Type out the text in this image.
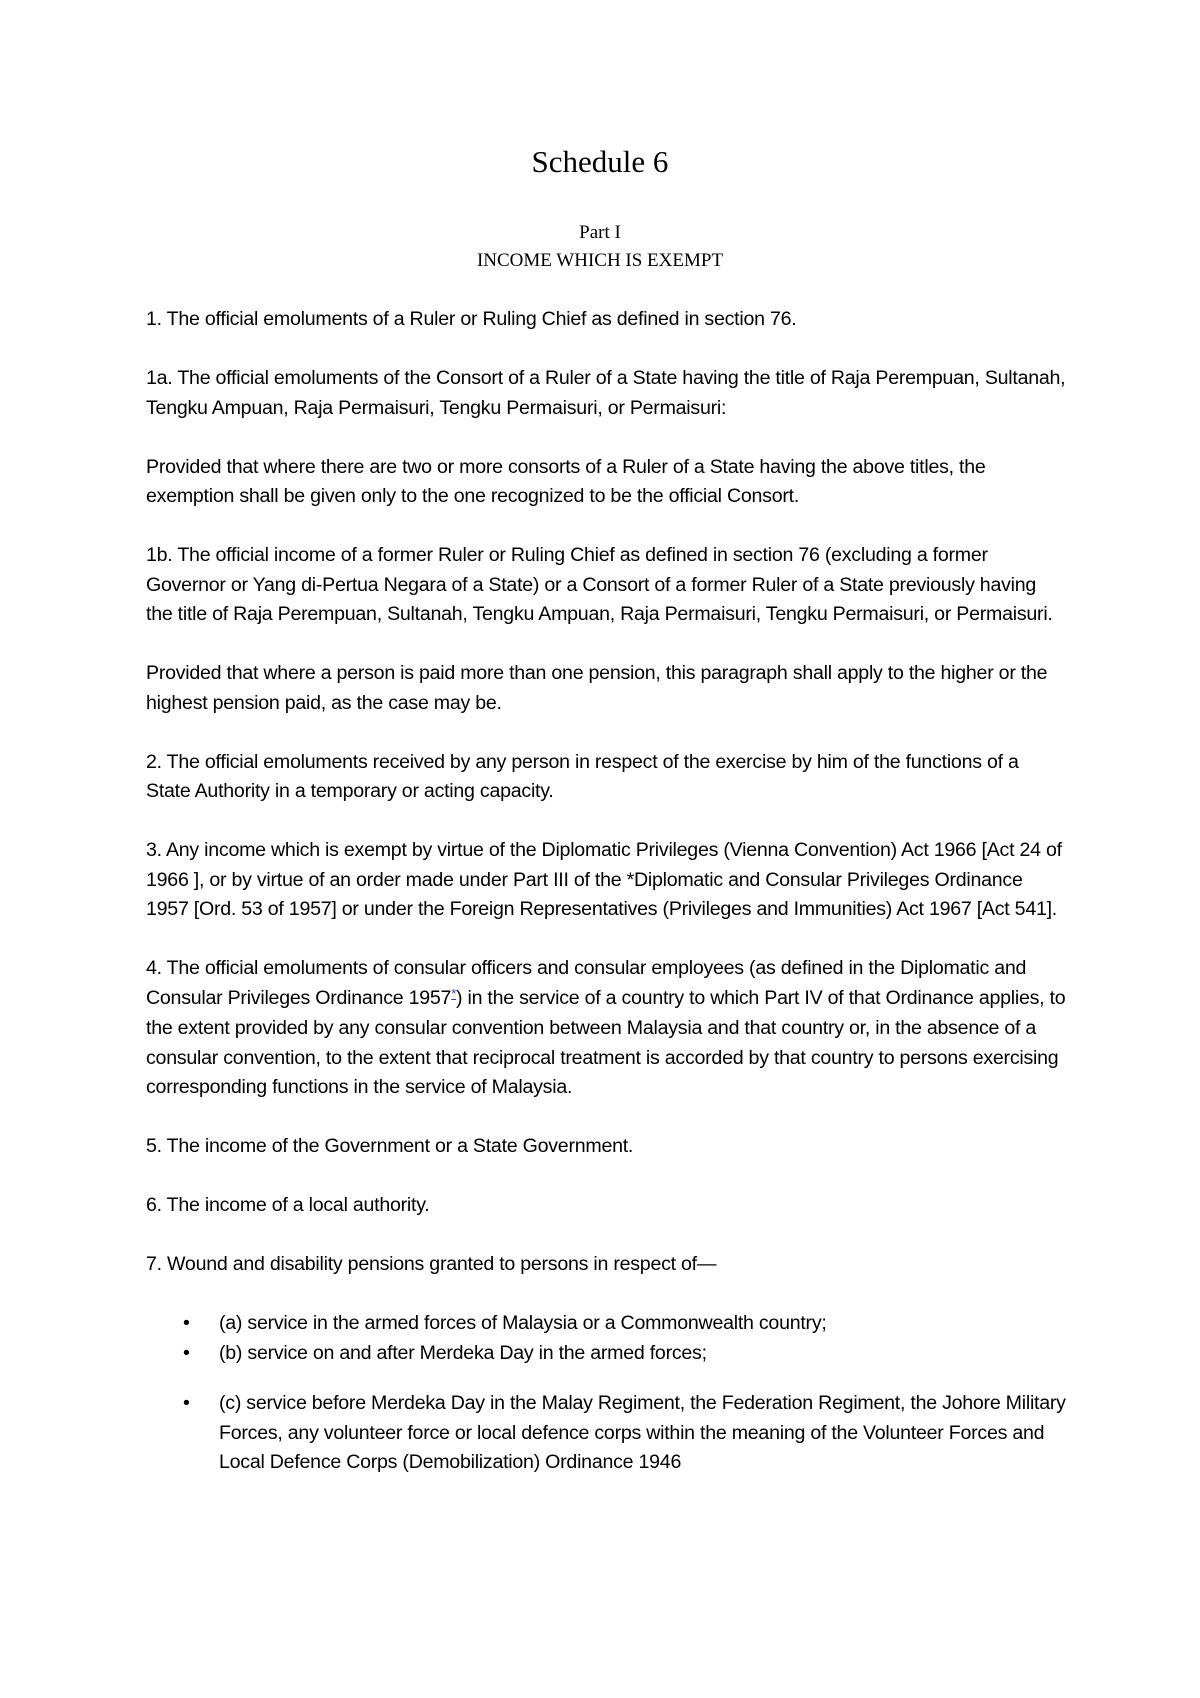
Schedule 6
Part I
INCOME WHICH IS EXEMPT

1. The official emoluments of a Ruler or Ruling Chief as defined in section 76.

1a. The official emoluments of the Consort of a Ruler of a State having the title of Raja Perempuan, Sultanah, Tengku Ampuan, Raja Permaisuri, Tengku Permaisuri, or Permaisuri:

Provided that where there are two or more consorts of a Ruler of a State having the above titles, the exemption shall be given only to the one recognized to be the official Consort.

1b. The official income of a former Ruler or Ruling Chief as defined in section 76 (excluding a former Governor or Yang di-Pertua Negara of a State) or a Consort of a former Ruler of a State previously having the title of Raja Perempuan, Sultanah, Tengku Ampuan, Raja Permaisuri, Tengku Permaisuri, or Permaisuri.

Provided that where a person is paid more than one pension, this paragraph shall apply to the higher or the highest pension paid, as the case may be.

2. The official emoluments received by any person in respect of the exercise by him of the functions of a State Authority in a temporary or acting capacity.

3. Any income which is exempt by virtue of the Diplomatic Privileges (Vienna Convention) Act 1966 [Act 24 of 1966 ], or by virtue of an order made under Part III of the *Diplomatic and Consular Privileges Ordinance 1957 [Ord. 53 of 1957] or under the Foreign Representatives (Privileges and Immunities) Act 1967 [Act 541].

4. The official emoluments of consular officers and consular employees (as defined in the Diplomatic and Consular Privileges Ordinance 1957*) in the service of a country to which Part IV of that Ordinance applies, to the extent provided by any consular convention between Malaysia and that country or, in the absence of a consular convention, to the extent that reciprocal treatment is accorded by that country to persons exercising corresponding functions in the service of Malaysia.

5. The income of the Government or a State Government.

6. The income of a local authority.

7. Wound and disability pensions granted to persons in respect of—

• (a) service in the armed forces of Malaysia or a Commonwealth country;
• (b) service on and after Merdeka Day in the armed forces;
• (c) service before Merdeka Day in the Malay Regiment, the Federation Regiment, the Johore Military Forces, any volunteer force or local defence corps within the meaning of the Volunteer Forces and Local Defence Corps (Demobilization) Ordinance 1946
